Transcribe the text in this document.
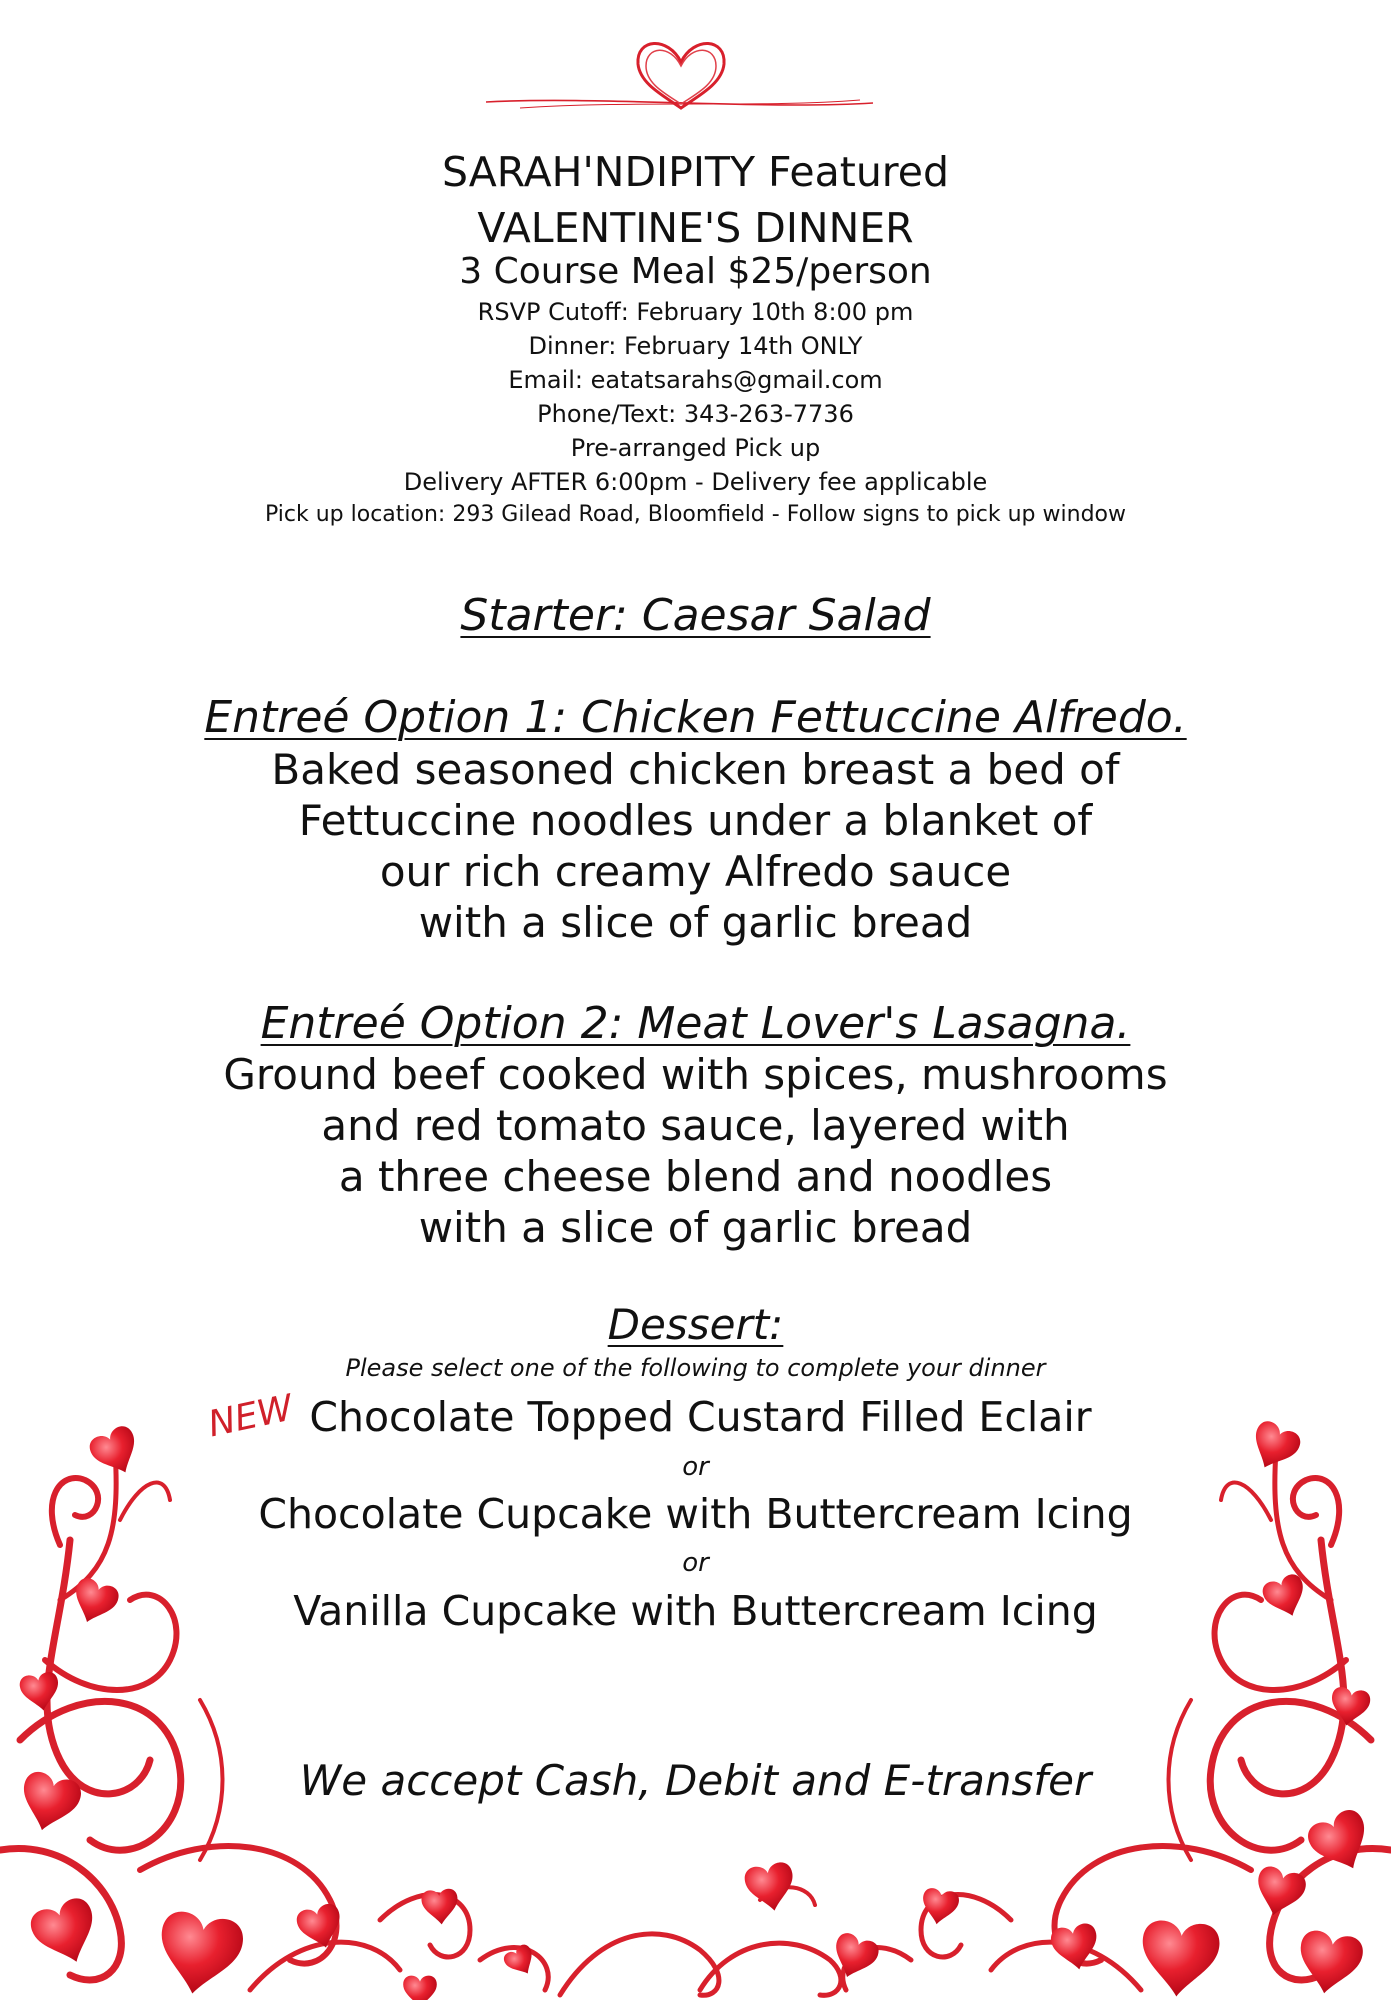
SARAH'NDIPITY Featured
VALENTINE'S DINNER
3 Course Meal $25/person
RSVP Cutoff: February 10th 8:00 pm
Dinner: February 14th ONLY
Email: eatatsarahs@gmail.com
Phone/Text: 343-263-7736
Pre-arranged Pick up
Delivery AFTER 6:00pm - Delivery fee applicable
Pick up location: 293 Gilead Road, Bloomfield - Follow signs to pick up window
Starter: Caesar Salad
Entreé Option 1: Chicken Fettuccine Alfredo.
Baked seasoned chicken breast a bed of
Fettuccine noodles under a blanket of
our rich creamy Alfredo sauce
with a slice of garlic bread
Entreé Option 2: Meat Lover's Lasagna.
Ground beef cooked with spices, mushrooms
and red tomato sauce, layered with
a three cheese blend and noodles
with a slice of garlic bread
Dessert:
Please select one of the following to complete your dinner
NEW Chocolate Topped Custard Filled Eclair
or
Chocolate Cupcake with Buttercream Icing
or
Vanilla Cupcake with Buttercream Icing
We accept Cash, Debit and E-transfer
